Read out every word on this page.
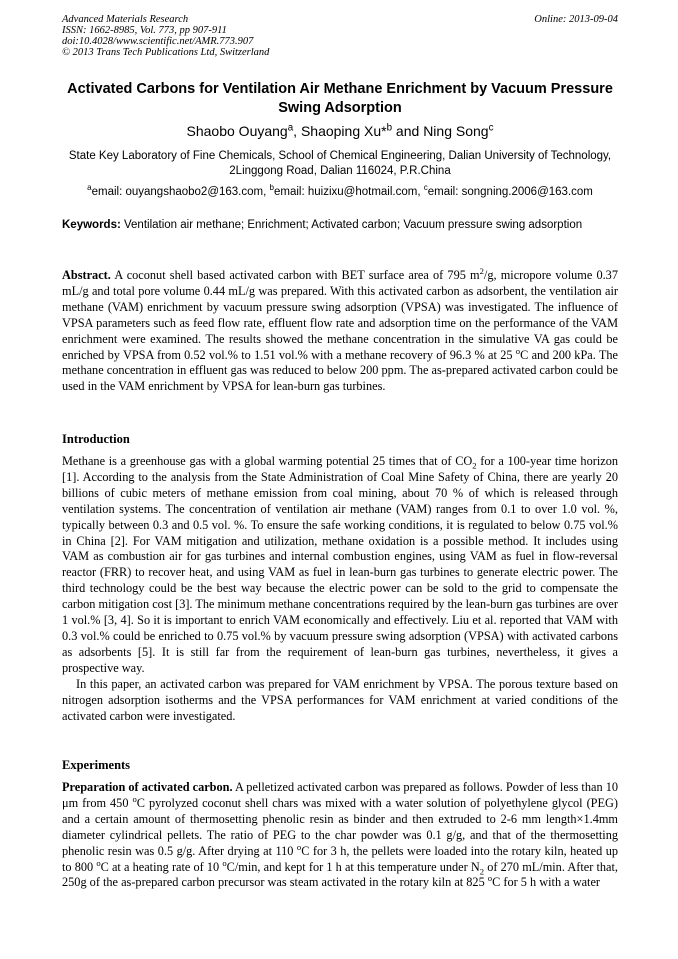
Advanced Materials Research
ISSN: 1662-8985, Vol. 773, pp 907-911
doi:10.4028/www.scientific.net/AMR.773.907
© 2013 Trans Tech Publications Ltd, Switzerland
Online: 2013-09-04
Activated Carbons for Ventilation Air Methane Enrichment by Vacuum Pressure Swing Adsorption
Shaobo Ouyang$^a$, Shaoping Xu*$^b$ and Ning Song$^c$
State Key Laboratory of Fine Chemicals, School of Chemical Engineering, Dalian University of Technology, 2Linggong Road, Dalian 116024, P.R.China
$^a$email: ouyangshaobo2@163.com, $^b$email: huizixu@hotmail.com, $^c$email: songning.2006@163.com
Keywords: Ventilation air methane; Enrichment; Activated carbon; Vacuum pressure swing adsorption

Abstract. A coconut shell based activated carbon with BET surface area of 795 $m^2/g$, micropore volume 0.37 mL/g and total pore volume 0.44 mL/g was prepared. With this activated carbon as adsorbent, the ventilation air methane (VAM) enrichment by vacuum pressure swing adsorption (VPSA) was investigated. The influence of VPSA parameters such as feed flow rate, effluent flow rate and adsorption time on the performance of the VAM enrichment were examined. The results showed the methane concentration in the simulative VA gas could be enriched by VPSA from 0.52 vol.% to 1.51 vol.% with a methane recovery of 96.3 % at 25 $^o$C and 200 kPa. The methane concentration in effluent gas was reduced to below 200 ppm. The as-prepared activated carbon could be used in the VAM enrichment by VPSA for lean-burn gas turbines.

Introduction

Methane is a greenhouse gas with a global warming potential 25 times that of $CO_2$ for a 100-year time horizon [1]. According to the analysis from the State Administration of Coal Mine Safety of China, there are yearly 20 billions of cubic meters of methane emission from coal mining, about 70 % of which is released through ventilation systems. The concentration of ventilation air methane (VAM) ranges from 0.1 to over 1.0 vol. %, typically between 0.3 and 0.5 vol. %. To ensure the safe working conditions, it is regulated to below 0.75 vol.% in China [2]. For VAM mitigation and utilization, methane oxidation is a possible method. It includes using VAM as combustion air for gas turbines and internal combustion engines, using VAM as fuel in flow-reversal reactor (FRR) to recover heat, and using VAM as fuel in lean-burn gas turbines to generate electric power. The third technology could be the best way because the electric power can be sold to the grid to compensate the carbon mitigation cost [3]. The minimum methane concentrations required by the lean-burn gas turbines are over 1 vol.% [3, 4]. So it is important to enrich VAM economically and effectively. Liu et al. reported that VAM with 0.3 vol.% could be enriched to 0.75 vol.% by vacuum pressure swing adsorption (VPSA) with activated carbons as adsorbents [5]. It is still far from the requirement of lean-burn gas turbines, nevertheless, it gives a prospective way.

In this paper, an activated carbon was prepared for VAM enrichment by VPSA. The porous texture based on nitrogen adsorption isotherms and the VPSA performances for VAM enrichment at varied conditions of the activated carbon were investigated.

Experiments

Preparation of activated carbon. A pelletized activated carbon was prepared as follows. Powder of less than 10 μm from 450 $^o$C pyrolyzed coconut shell chars was mixed with a water solution of polyethylene glycol (PEG) and a certain amount of thermosetting phenolic resin as binder and then extruded to 2-6 mm length×1.4mm diameter cylindrical pellets. The ratio of PEG to the char powder was 0.1 g/g, and that of the thermosetting phenolic resin was 0.5 g/g. After drying at 110 $^o$C for 3 h, the pellets were loaded into the rotary kiln, heated up to 800 $^o$C at a heating rate of 10 $^o$C/min, and kept for 1 h at this temperature under $N_2$ of 270 mL/min. After that, 250g of the as-prepared carbon precursor was steam activated in the rotary kiln at 825 $^o$C for 5 h with a water
